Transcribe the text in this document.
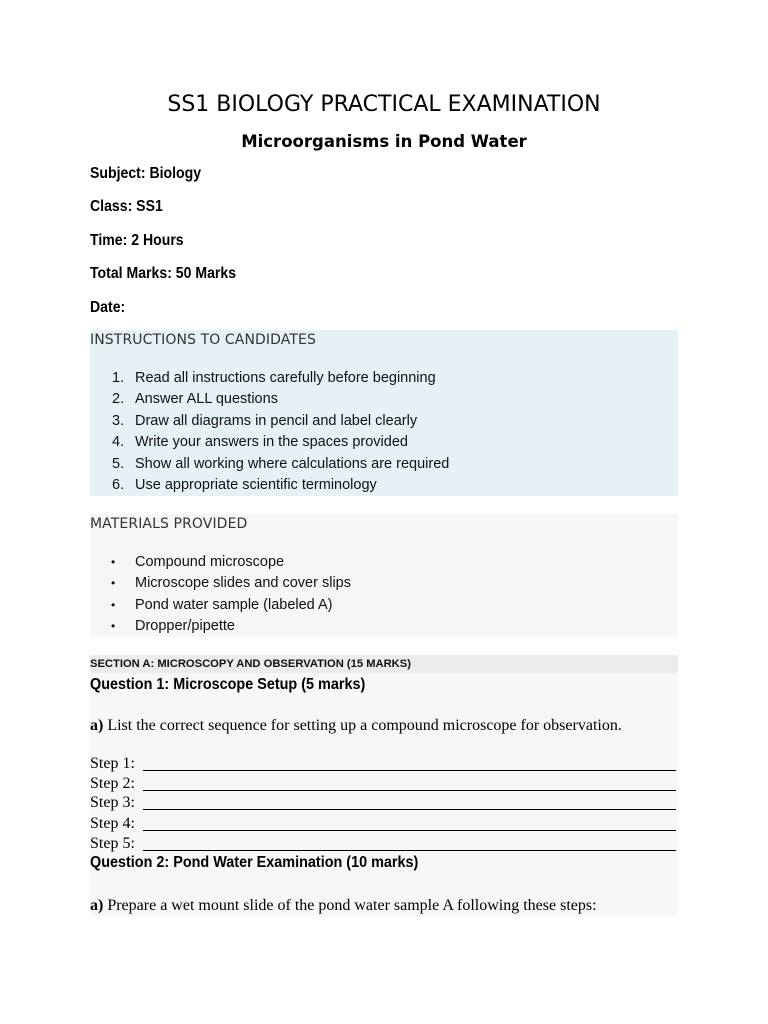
SS1 BIOLOGY PRACTICAL EXAMINATION
Microorganisms in Pond Water
Subject: Biology
Class: SS1
Time: 2 Hours
Total Marks: 50 Marks
Date:
INSTRUCTIONS TO CANDIDATES
1. Read all instructions carefully before beginning
2. Answer ALL questions
3. Draw all diagrams in pencil and label clearly
4. Write your answers in the spaces provided
5. Show all working where calculations are required
6. Use appropriate scientific terminology
MATERIALS PROVIDED
• Compound microscope
• Microscope slides and cover slips
• Pond water sample (labeled A)
• Dropper/pipette
SECTION A: MICROSCOPY AND OBSERVATION (15 MARKS)
Question 1: Microscope Setup (5 marks)
a) List the correct sequence for setting up a compound microscope for observation.
Step 1:
Step 2:
Step 3:
Step 4:
Step 5:
Question 2: Pond Water Examination (10 marks)
a) Prepare a wet mount slide of the pond water sample A following these steps:
